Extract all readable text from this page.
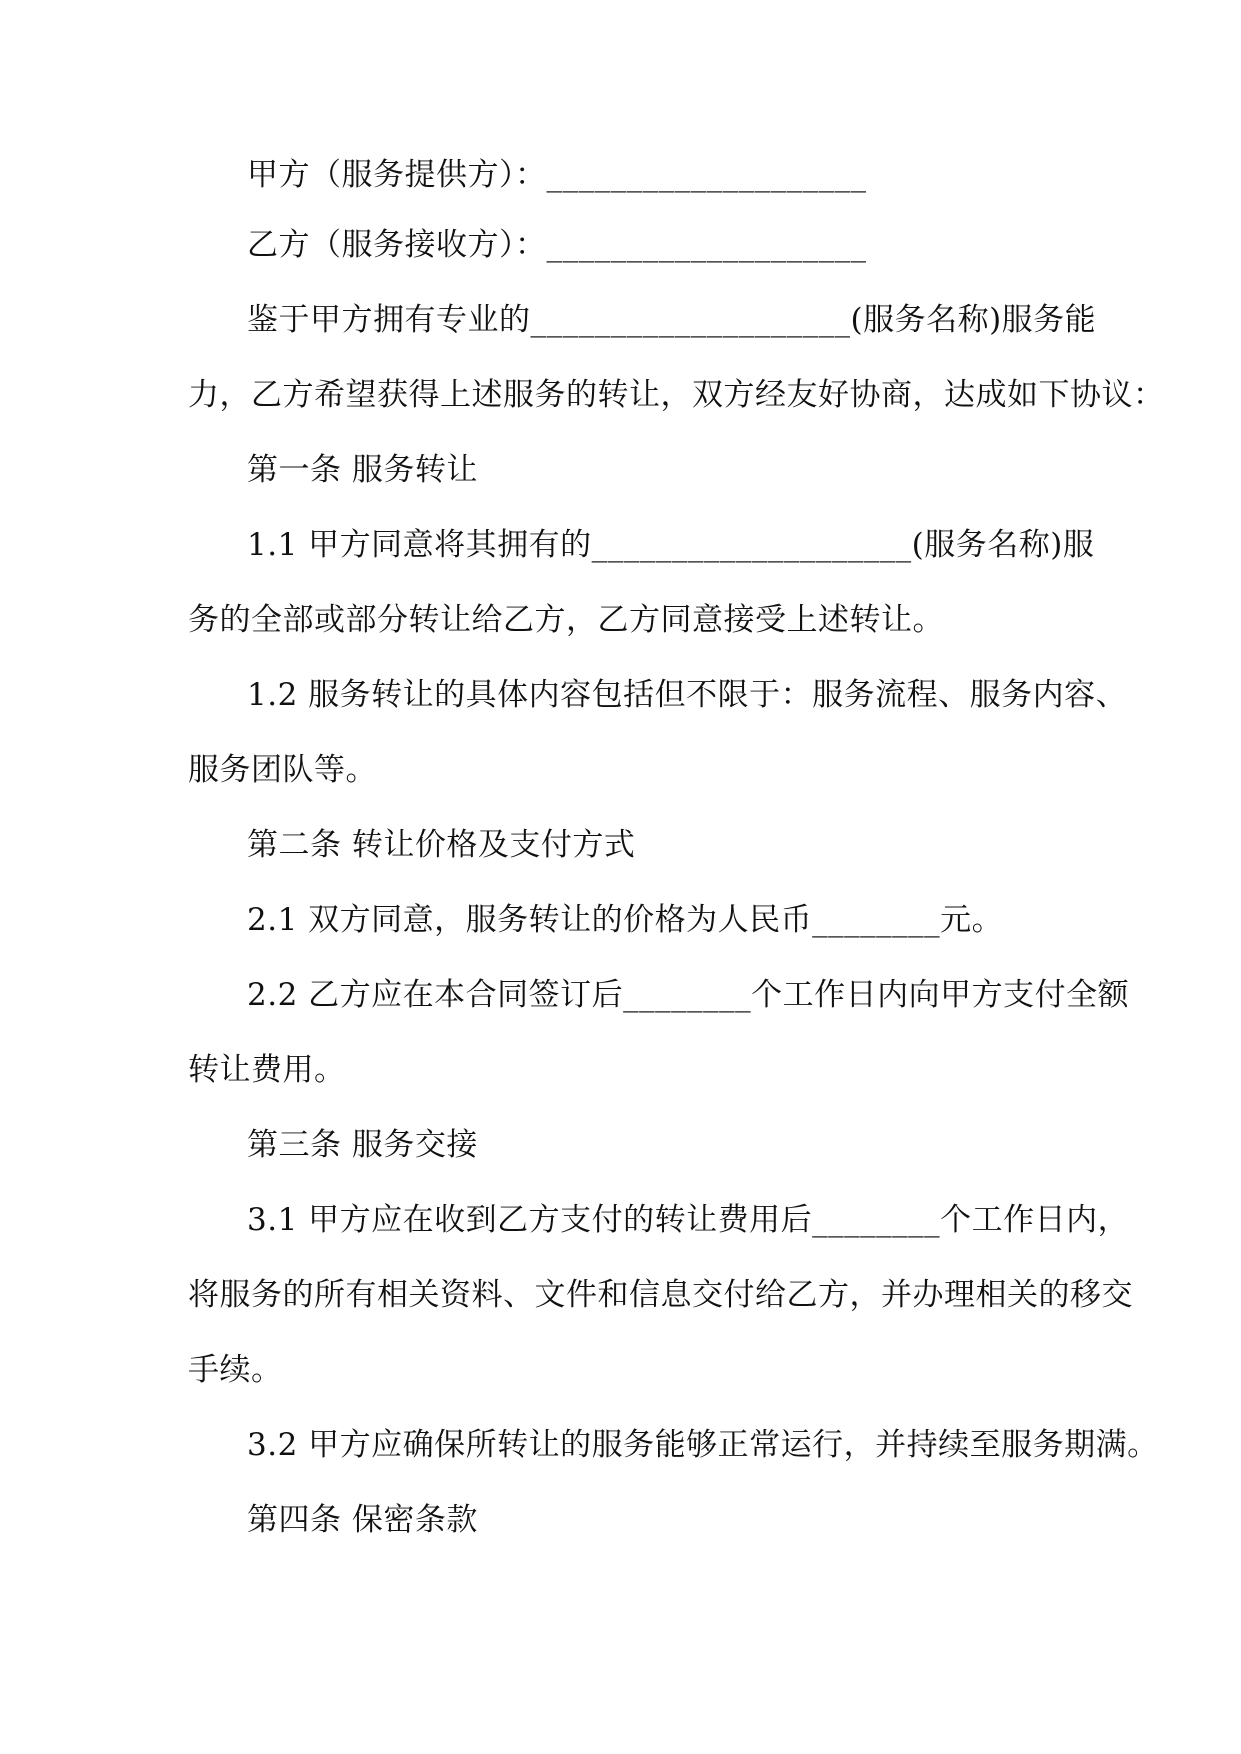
甲方（服务提供方）：____________________
乙方（服务接收方）：____________________
鉴于甲方拥有专业的____________________(服务名称)服务能
力，乙方希望获得上述服务的转让，双方经友好协商，达成如下协议：
第一条 服务转让
1.1 甲方同意将其拥有的____________________(服务名称)服
务的全部或部分转让给乙方，乙方同意接受上述转让。
1.2 服务转让的具体内容包括但不限于：服务流程、服务内容、
服务团队等。
第二条 转让价格及支付方式
2.1 双方同意，服务转让的价格为人民币________元。
2.2 乙方应在本合同签订后________个工作日内向甲方支付全额
转让费用。
第三条 服务交接
3.1 甲方应在收到乙方支付的转让费用后________个工作日内，
将服务的所有相关资料、文件和信息交付给乙方，并办理相关的移交
手续。
3.2 甲方应确保所转让的服务能够正常运行，并持续至服务期满。
第四条 保密条款
